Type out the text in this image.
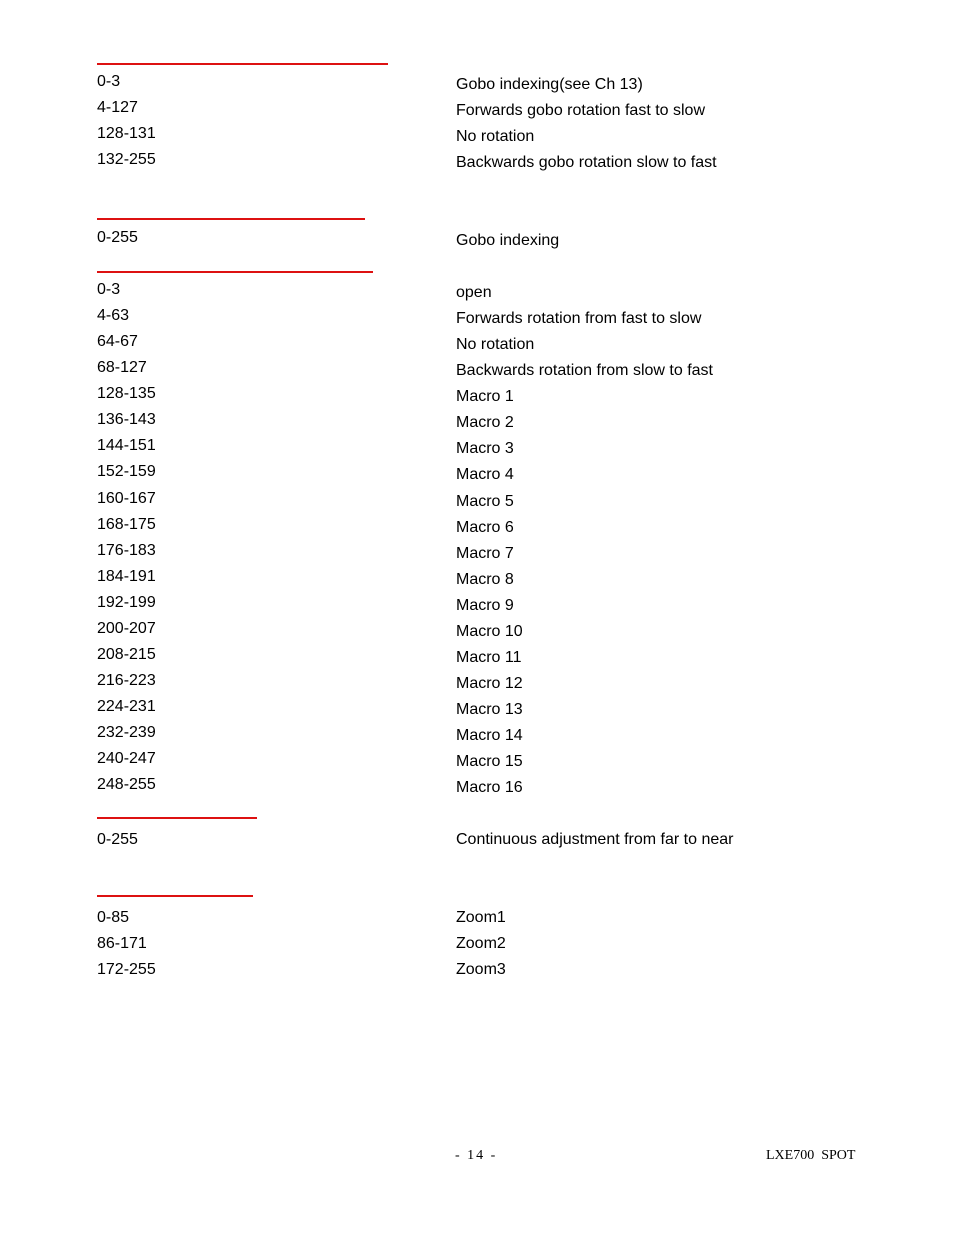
0-3	Gobo indexing(see Ch 13)
4-127	Forwards gobo rotation fast to slow
128-131	No rotation
132-255	Backwards gobo rotation slow to fast
0-255	Gobo indexing
0-3	open
4-63	Forwards rotation from fast to slow
64-67	No rotation
68-127	Backwards rotation from slow to fast
128-135	Macro 1
136-143	Macro 2
144-151	Macro 3
152-159	Macro 4
160-167	Macro 5
168-175	Macro 6
176-183	Macro 7
184-191	Macro 8
192-199	Macro 9
200-207	Macro 10
208-215	Macro 11
216-223	Macro 12
224-231	Macro 13
232-239	Macro 14
240-247	Macro 15
248-255	Macro 16
0-255	Continuous adjustment from far to near
0-85	Zoom1
86-171	Zoom2
172-255	Zoom3
- 14 -	LXE700  SPOT
